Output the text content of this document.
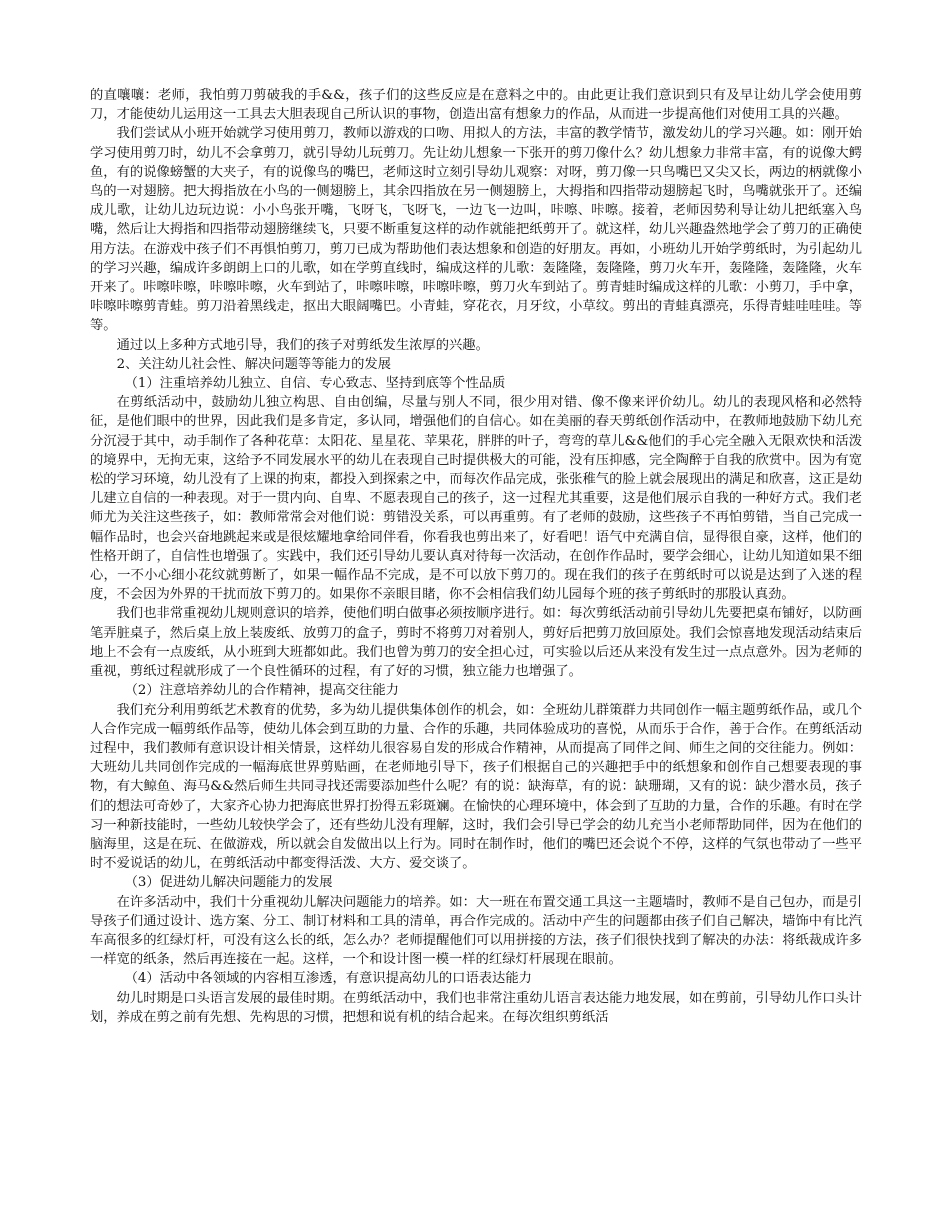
的直嚷嚷：老师，我怕剪刀剪破我的手&&，孩子们的这些反应是在意料之中的。由此更让我们意识到只有及早让幼儿学会使用剪刀，才能使幼儿运用这一工具去大胆表现自己所认识的事物，创造出富有想象力的作品，从而进一步提高他们对使用工具的兴趣。

我们尝试从小班开始就学习使用剪刀，教师以游戏的口吻、用拟人的方法，丰富的教学情节，激发幼儿的学习兴趣。如：刚开始学习使用剪刀时，幼儿不会拿剪刀，就引导幼儿玩剪刀。先让幼儿想象一下张开的剪刀像什么？幼儿想象力非常丰富，有的说像大鳄鱼，有的说像螃蟹的大夹子，有的说像鸟的嘴巴，老师这时立刻引导幼儿观察：对呀，剪刀像一只鸟嘴巴又尖又长，两边的柄就像小鸟的一对翅膀。把大拇指放在小鸟的一侧翅膀上，其余四指放在另一侧翅膀上，大拇指和四指带动翅膀起飞时，鸟嘴就张开了。还编成儿歌，让幼儿边玩边说：小小鸟张开嘴，飞呀飞，飞呀飞，一边飞一边叫，咔嚓、咔嚓。接着，老师因势利导让幼儿把纸塞入鸟嘴，然后让大拇指和四指带动翅膀继续飞，只要不断重复这样的动作就能把纸剪开了。就这样，幼儿兴趣盎然地学会了剪刀的正确使用方法。在游戏中孩子们不再惧怕剪刀，剪刀已成为帮助他们表达想象和创造的好朋友。再如，小班幼儿开始学剪纸时，为引起幼儿的学习兴趣，编成许多朗朗上口的儿歌，如在学剪直线时，编成这样的儿歌：轰隆隆，轰隆隆，剪刀火车开，轰隆隆，轰隆隆，火车开来了。咔嚓咔嚓，咔嚓咔嚓，火车到站了，咔嚓咔嚓，咔嚓咔嚓，剪刀火车到站了。剪青蛙时编成这样的儿歌：小剪刀，手中拿，咔嚓咔嚓剪青蛙。剪刀沿着黑线走，抠出大眼阔嘴巴。小青蛙，穿花衣，月牙纹，小草纹。剪出的青蛙真漂亮，乐得青蛙哇哇哇。等等。

通过以上多种方式地引导，我们的孩子对剪纸发生浓厚的兴趣。

2、关注幼儿社会性、解决问题等等能力的发展

（1）注重培养幼儿独立、自信、专心致志、坚持到底等个性品质

在剪纸活动中，鼓励幼儿独立构思、自由创编，尽量与别人不同，很少用对错、像不像来评价幼儿。幼儿的表现风格和必然特征，是他们眼中的世界，因此我们是多肯定，多认同，增强他们的自信心。如在美丽的春天剪纸创作活动中，在教师地鼓励下幼儿充分沉浸于其中，动手制作了各种花草：太阳花、星星花、苹果花，胖胖的叶子，弯弯的草儿&&他们的手心完全融入无限欢快和活泼的境界中，无拘无束，这给予不同发展水平的幼儿在表现自己时提供极大的可能，没有压抑感，完全陶醉于自我的欣赏中。因为有宽松的学习环境，幼儿没有了上课的拘束，都投入到探索之中，而每次作品完成，张张稚气的脸上就会展现出的满足和欣喜，这正是幼儿建立自信的一种表现。对于一贯内向、自卑、不愿表现自己的孩子，这一过程尤其重要，这是他们展示自我的一种好方式。我们老师尤为关注这些孩子，如：教师常常会对他们说：剪错没关系，可以再重剪。有了老师的鼓励，这些孩子不再怕剪错，当自己完成一幅作品时，也会兴奋地跳起来或是很炫耀地拿给同伴看，你看我也剪出来了，好看吧！语气中充满自信，显得很自豪，这样，他们的性格开朗了，自信性也增强了。实践中，我们还引导幼儿要认真对待每一次活动，在创作作品时，要学会细心，让幼儿知道如果不细心，一不小心细小花纹就剪断了，如果一幅作品不完成，是不可以放下剪刀的。现在我们的孩子在剪纸时可以说是达到了入迷的程度，不会因为外界的干扰而放下剪刀的。如果你不亲眼目睹，你不会相信我们幼儿园每个班的孩子剪纸时的那股认真劲。

我们也非常重视幼儿规则意识的培养，使他们明白做事必须按顺序进行。如：每次剪纸活动前引导幼儿先要把桌布铺好，以防画笔弄脏桌子，然后桌上放上装废纸、放剪刀的盒子，剪时不将剪刀对着别人，剪好后把剪刀放回原处。我们会惊喜地发现活动结束后地上不会有一点废纸，从小班到大班都如此。我们也曾为剪刀的安全担心过，可实验以后还从来没有发生过一点点意外。因为老师的重视，剪纸过程就形成了一个良性循环的过程，有了好的习惯，独立能力也增强了。

（2）注意培养幼儿的合作精神，提高交往能力

我们充分利用剪纸艺术教育的优势，多为幼儿提供集体创作的机会，如：全班幼儿群策群力共同创作一幅主题剪纸作品，或几个人合作完成一幅剪纸作品等，使幼儿体会到互助的力量、合作的乐趣，共同体验成功的喜悦，从而乐于合作，善于合作。在剪纸活动过程中，我们教师有意识设计相关情景，这样幼儿很容易自发的形成合作精神，从而提高了同伴之间、师生之间的交往能力。例如：大班幼儿共同创作完成的一幅海底世界剪贴画，在老师地引导下，孩子们根据自己的兴趣把手中的纸想象和创作自己想要表现的事物，有大鲸鱼、海马&&然后师生共同寻找还需要添加些什么呢？有的说：缺海草，有的说：缺珊瑚，又有的说：缺少潜水员，孩子们的想法可奇妙了，大家齐心协力把海底世界打扮得五彩斑斓。在愉快的心理环境中，体会到了互助的力量，合作的乐趣。有时在学习一种新技能时，一些幼儿较快学会了，还有些幼儿没有理解，这时，我们会引导已学会的幼儿充当小老师帮助同伴，因为在他们的脑海里，这是在玩、在做游戏，所以就会自发做出以上行为。同时在制作时，他们的嘴巴还会说个不停，这样的气氛也带动了一些平时不爱说话的幼儿，在剪纸活动中都变得活泼、大方、爱交谈了。

（3）促进幼儿解决问题能力的发展

在许多活动中，我们十分重视幼儿解决问题能力的培养。如：大一班在布置交通工具这一主题墙时，教师不是自己包办，而是引导孩子们通过设计、选方案、分工、制订材料和工具的清单，再合作完成的。活动中产生的问题都由孩子们自己解决，墙饰中有比汽车高很多的红绿灯杆，可没有这么长的纸，怎么办？老师提醒他们可以用拼接的方法，孩子们很快找到了解决的办法：将纸裁成许多一样宽的纸条，然后再连接在一起。这样，一个和设计图一模一样的红绿灯杆展现在眼前。

（4）活动中各领域的内容相互渗透，有意识提高幼儿的口语表达能力

幼儿时期是口头语言发展的最佳时期。在剪纸活动中，我们也非常注重幼儿语言表达能力地发展，如在剪前，引导幼儿作口头计划，养成在剪之前有先想、先构思的习惯，把想和说有机的结合起来。在每次组织剪纸活
